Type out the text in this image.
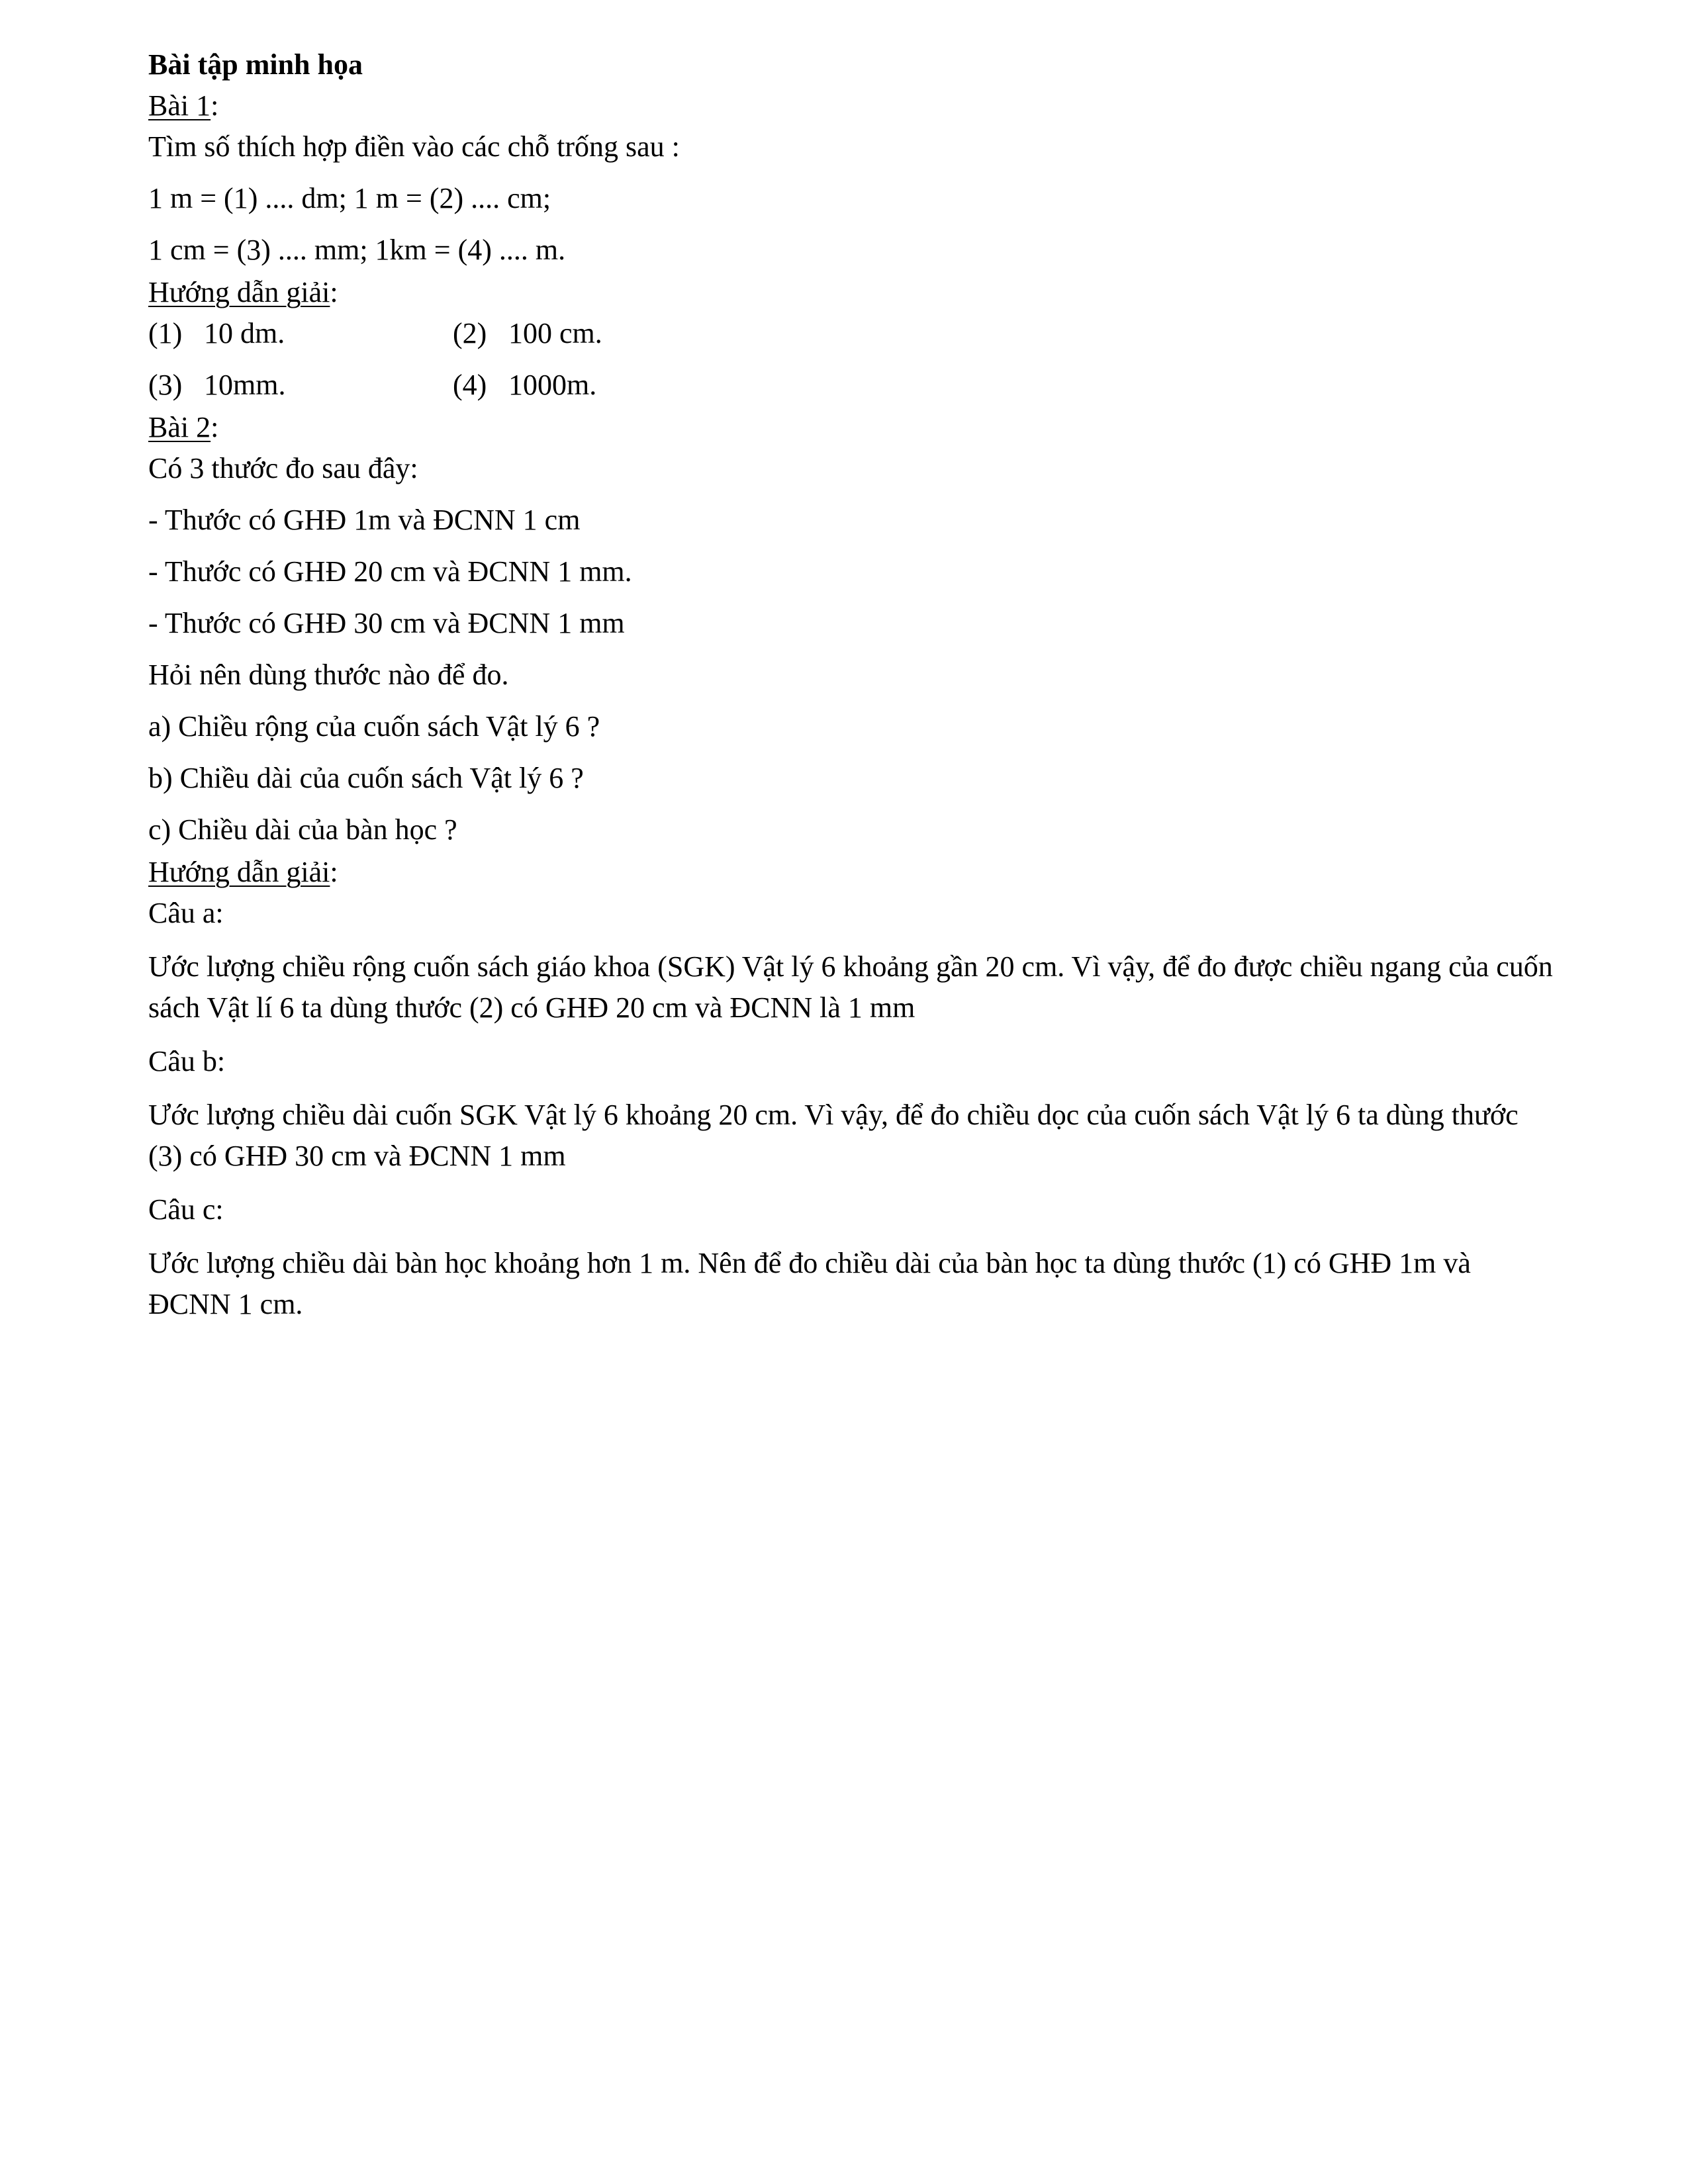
Bài tập minh họa
Bài 1:
Tìm số thích hợp điền vào các chỗ trống sau :
1 m = (1) .... dm; 1 m = (2) .... cm;
1 cm = (3) .... mm; 1km = (4) .... m.
Hướng dẫn giải:
(1) 10 dm.	(2) 100 cm.
(3) 10mm.	(4) 1000m.
Bài 2:
Có 3 thước đo sau đây:
- Thước có GHĐ 1m và ĐCNN 1 cm
- Thước có GHĐ 20 cm và ĐCNN 1 mm.
- Thước có GHĐ 30 cm và ĐCNN 1 mm
Hỏi nên dùng thước nào để đo.
a) Chiều rộng của cuốn sách Vật lý 6 ?
b) Chiều dài của cuốn sách Vật lý 6 ?
c) Chiều dài của bàn học ?
Hướng dẫn giải:
Câu a:
Ước lượng chiều rộng cuốn sách giáo khoa (SGK) Vật lý 6 khoảng gần 20 cm. Vì vậy, để đo được chiều ngang của cuốn sách Vật lí 6 ta dùng thước (2) có GHĐ 20 cm và ĐCNN là 1 mm
Câu b:
Ước lượng chiều dài cuốn SGK Vật lý 6 khoảng 20 cm. Vì vậy, để đo chiều dọc của cuốn sách Vật lý 6 ta dùng thước (3) có GHĐ 30 cm và ĐCNN 1 mm
Câu c:
Ước lượng chiều dài bàn học khoảng hơn 1 m. Nên để đo chiều dài của bàn học ta dùng thước (1) có GHĐ 1m và ĐCNN 1 cm.
